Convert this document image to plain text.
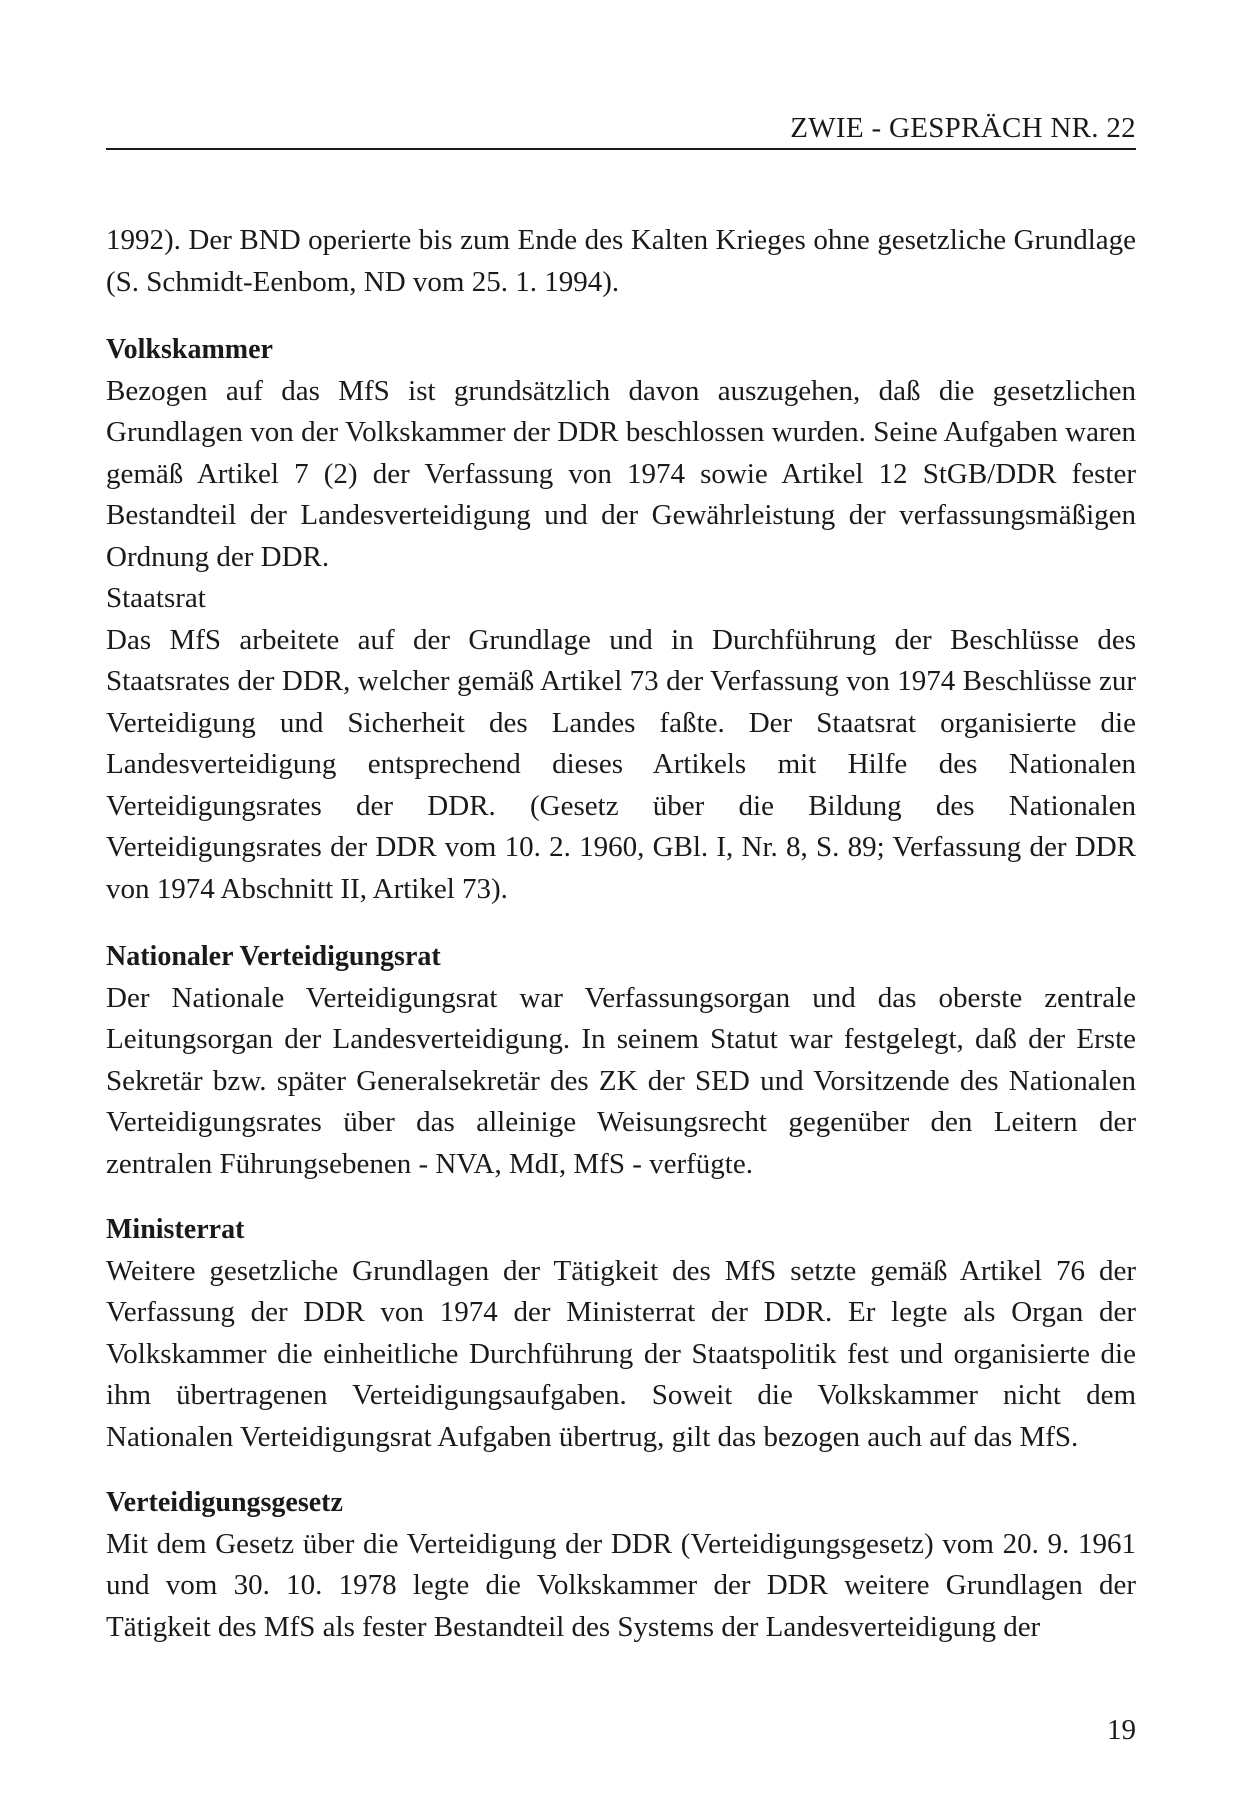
ZWIE - GESPRÄCH NR. 22

1992). Der BND operierte bis zum Ende des Kalten Krieges ohne gesetzliche Grundlage (S. Schmidt-Eenbom, ND vom 25. 1. 1994).

Volkskammer

Bezogen auf das MfS ist grundsätzlich davon auszugehen, daß die gesetzlichen Grundlagen von der Volkskammer der DDR beschlossen wurden. Seine Aufgaben waren gemäß Artikel 7 (2) der Verfassung von 1974 sowie Artikel 12 StGB/DDR fester Bestandteil der Landesverteidigung und der Gewährleistung der verfassungsmäßigen Ordnung der DDR.

Staatsrat

Das MfS arbeitete auf der Grundlage und in Durchführung der Beschlüsse des Staatsrates der DDR, welcher gemäß Artikel 73 der Verfassung von 1974 Beschlüsse zur Verteidigung und Sicherheit des Landes faßte. Der Staatsrat organisierte die Landesverteidigung entsprechend dieses Artikels mit Hilfe des Nationalen Verteidigungsrates der DDR. (Gesetz über die Bildung des Nationalen Verteidigungsrates der DDR vom 10. 2. 1960, GBl. I, Nr. 8, S. 89; Verfassung der DDR von 1974 Abschnitt II, Artikel 73).

Nationaler Verteidigungsrat

Der Nationale Verteidigungsrat war Verfassungsorgan und das oberste zentrale Leitungsorgan der Landesverteidigung. In seinem Statut war festgelegt, daß der Erste Sekretär bzw. später Generalsekretär des ZK der SED und Vorsitzende des Nationalen Verteidigungsrates über das alleinige Weisungsrecht gegenüber den Leitern der zentralen Führungsebenen - NVA, MdI, MfS - verfügte.

Ministerrat

Weitere gesetzliche Grundlagen der Tätigkeit des MfS setzte gemäß Artikel 76 der Verfassung der DDR von 1974 der Ministerrat der DDR. Er legte als Organ der Volkskammer die einheitliche Durchführung der Staatspolitik fest und organisierte die ihm übertragenen Verteidigungsaufgaben. Soweit die Volkskammer nicht dem Nationalen Verteidigungsrat Aufgaben übertrug, gilt das bezogen auch auf das MfS.

Verteidigungsgesetz

Mit dem Gesetz über die Verteidigung der DDR (Verteidigungsgesetz) vom 20. 9. 1961 und vom 30. 10. 1978 legte die Volkskammer der DDR weitere Grundlagen der Tätigkeit des MfS als fester Bestandteil des Systems der Landesverteidigung der

19
